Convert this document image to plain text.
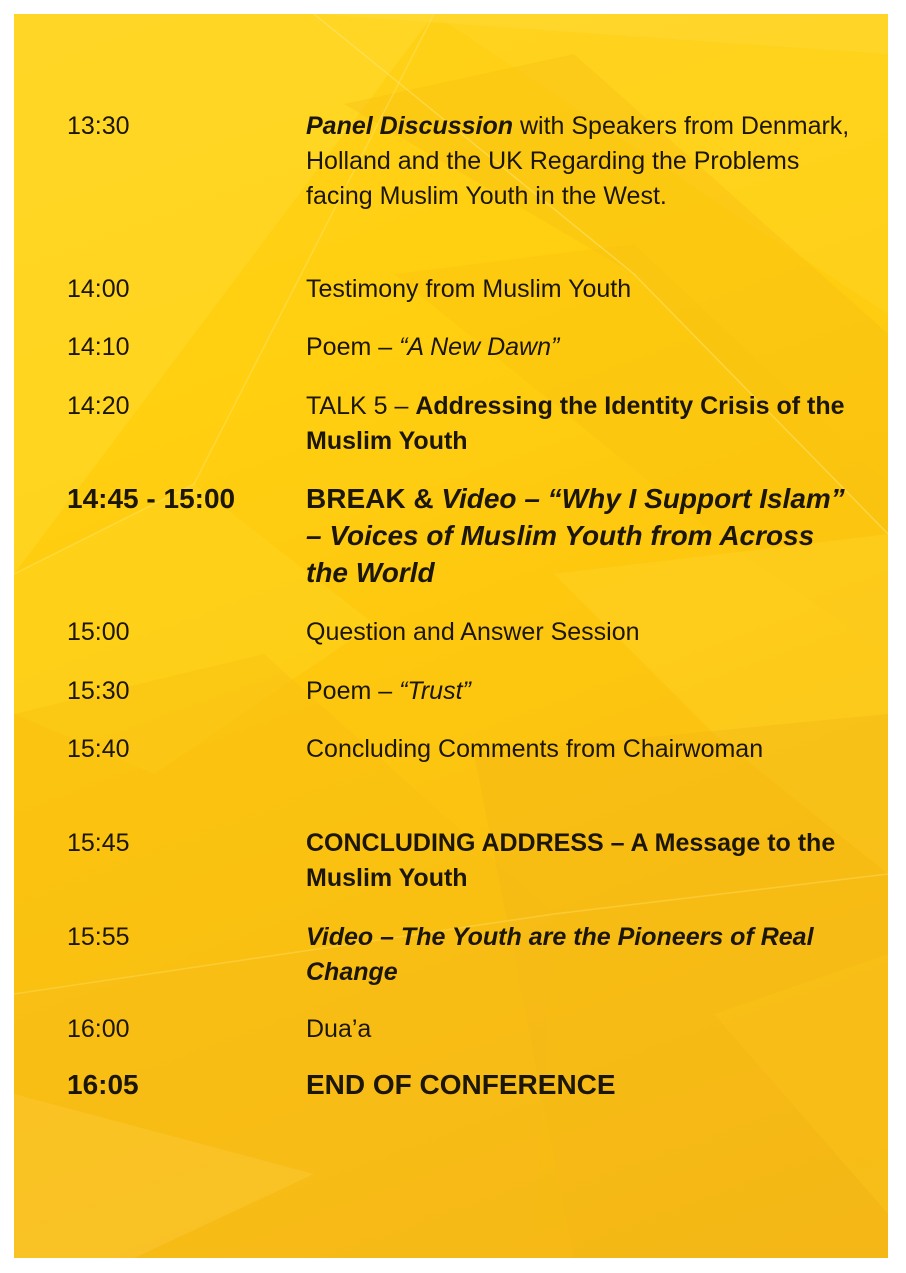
13:30	Panel Discussion with Speakers from Denmark, Holland and the UK Regarding the Problems facing Muslim Youth in the West.
14:00	Testimony from Muslim Youth
14:10	Poem – “A New Dawn”
14:20	TALK 5 – Addressing the Identity Crisis of the Muslim Youth
14:45 - 15:00	BREAK & Video – “Why I Support Islam” – Voices of Muslim Youth from Across the World
15:00	Question and Answer Session
15:30	Poem – “Trust”
15:40	Concluding Comments from Chairwoman
15:45	CONCLUDING ADDRESS – A Message to the Muslim Youth
15:55	Video – The Youth are the Pioneers of Real Change
16:00	Dua’a
16:05	END OF CONFERENCE
